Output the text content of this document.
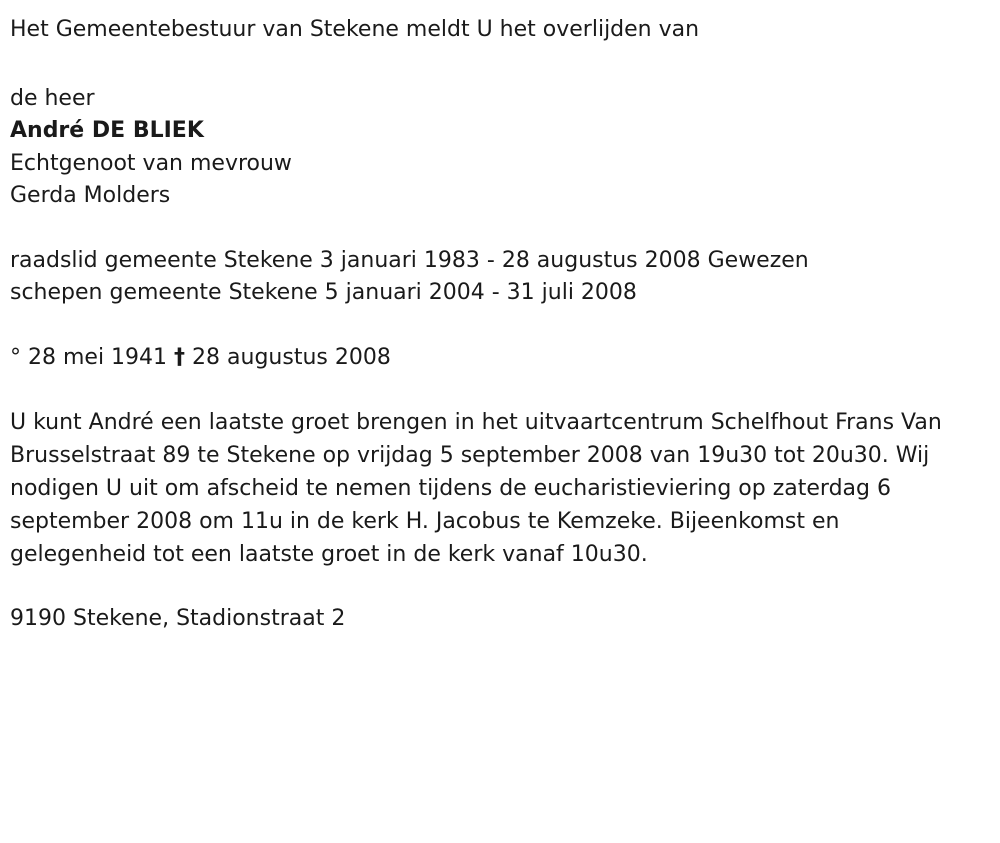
Het Gemeentebestuur van Stekene meldt U het overlijden van
de heer
André DE BLIEK
Echtgenoot van mevrouw
Gerda Molders
raadslid gemeente Stekene 3 januari 1983 - 28 augustus 2008 Gewezen
schepen gemeente Stekene 5 januari 2004 - 31 juli 2008
° 28 mei 1941 † 28 augustus 2008
U kunt André een laatste groet brengen in het uitvaartcentrum Schelfhout Frans Van Brusselstraat 89 te Stekene op vrijdag 5 september 2008 van 19u30 tot 20u30. Wij nodigen U uit om afscheid te nemen tijdens de eucharistieviering op zaterdag 6 september 2008 om 11u in de kerk H. Jacobus te Kemzeke. Bijeenkomst en gelegenheid tot een laatste groet in de kerk vanaf 10u30.
9190 Stekene, Stadionstraat 2
